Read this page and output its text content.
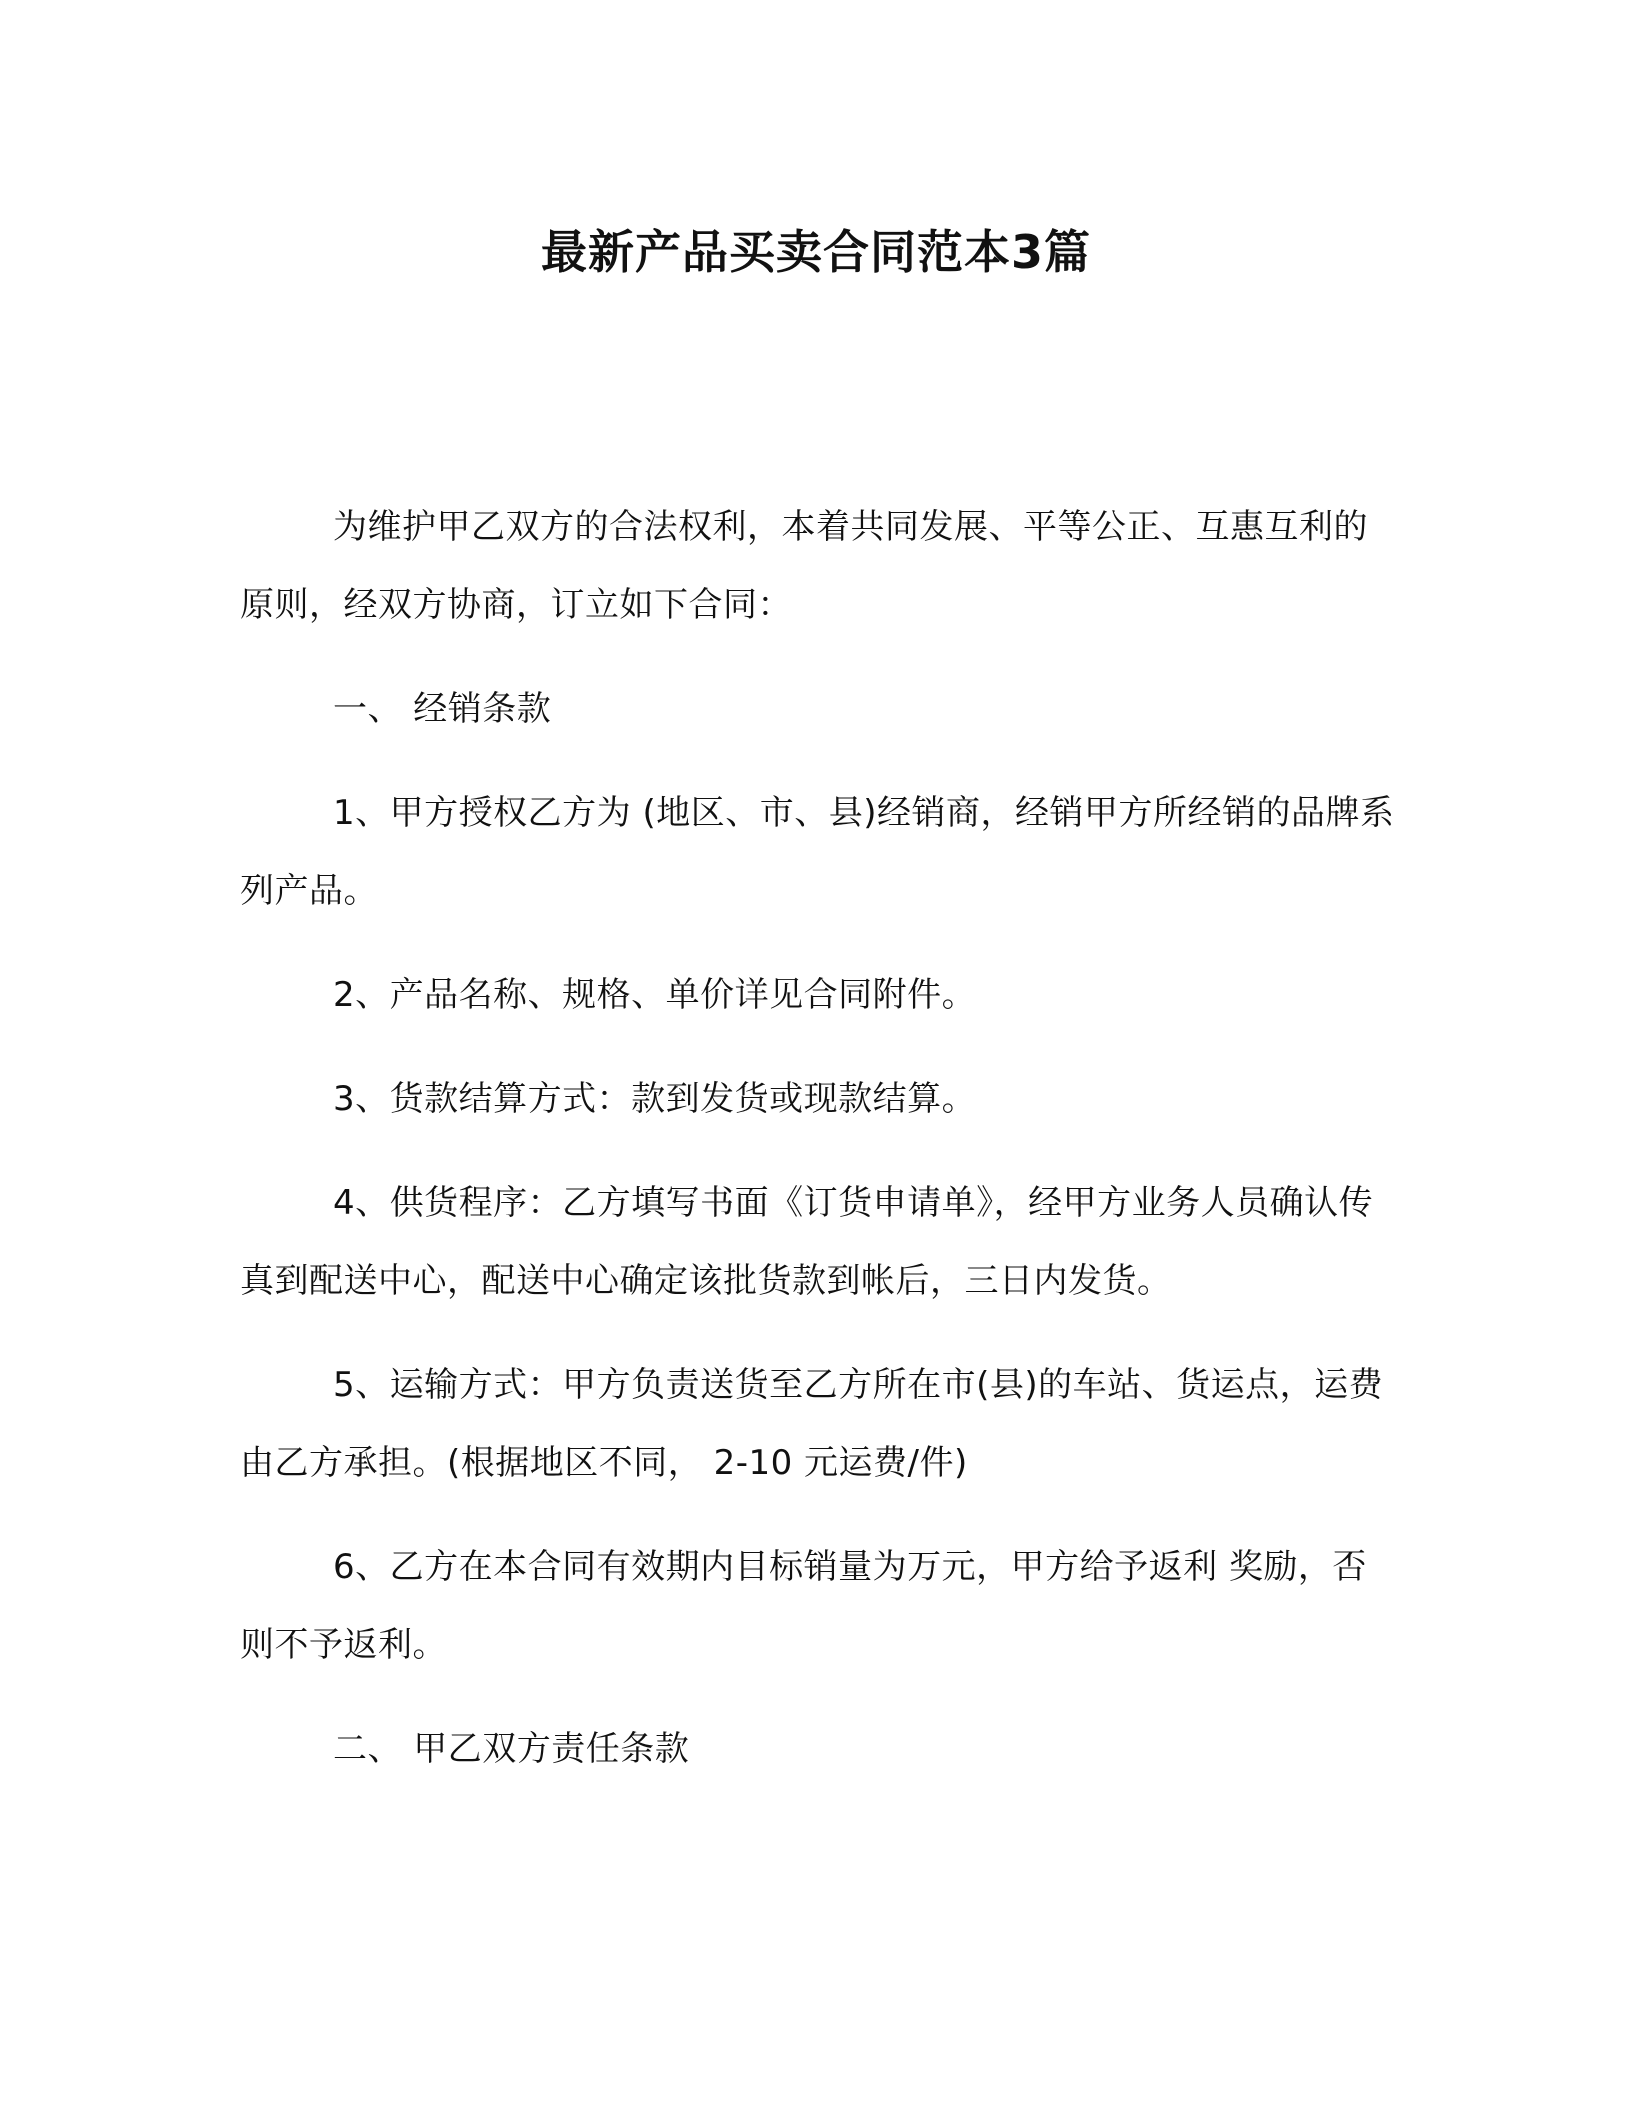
最新产品买卖合同范本3篇

为维护甲乙双方的合法权利，本着共同发展、平等公正、互惠互利的原则，经双方协商，订立如下合同：

一、 经销条款

1、甲方授权乙方为 (地区、市、县)经销商，经销甲方所经销的品牌系列产品。

2、产品名称、规格、单价详见合同附件。

3、货款结算方式：款到发货或现款结算。

4、供货程序：乙方填写书面《订货申请单》，经甲方业务人员确认传真到配送中心，配送中心确定该批货款到帐后，三日内发货。

5、运输方式：甲方负责送货至乙方所在市(县)的车站、货运点，运费由乙方承担。(根据地区不同， 2-10 元运费/件)

6、乙方在本合同有效期内目标销量为万元，甲方给予返利 奖励，否则不予返利。

二、 甲乙双方责任条款
